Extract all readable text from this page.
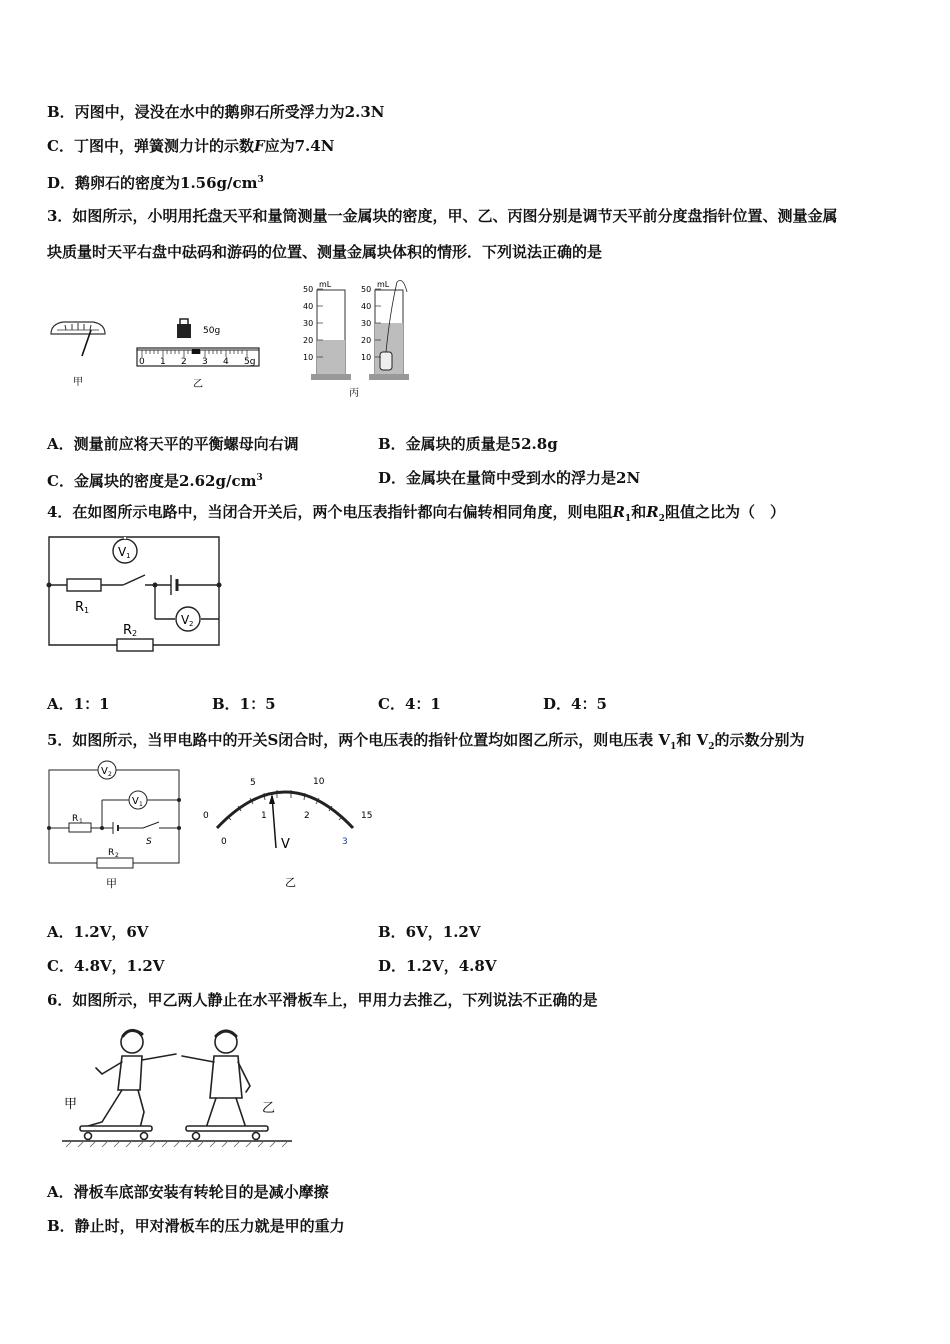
B．丙图中，浸没在水中的鹅卵石所受浮力为2.3N
C．丁图中，弹簧测力计的示数F应为7.4N
D．鹅卵石的密度为$1.56g/cm^3$
3．如图所示，小明用托盘天平和量筒测量一金属块的密度，甲、乙、丙图分别是调节天平前分度盘指针位置、测量金属
块质量时天平右盘中砝码和游码的位置、测量金属块体积的情形．下列说法正确的是
甲
50g
0 1 2 3 4 5g
乙
mL
50
40
30
20
10
mL
50
40
30
20
10
丙
A．测量前应将天平的平衡螺母向右调	B．金属块的质量是52.8g
C．金属块的密度是$2.62g/cm^3$	D．金属块在量筒中受到水的浮力是2N
4．在如图所示电路中，当闭合开关后，两个电压表指针都向右偏转相同角度，则电阻$R_1$和$R_2$阻值之比为（　）
V 1
V 2
R 1
R 2
A．1：1	B．1：5	C．4：1	D．4：5
5．如图所示，当甲电路中的开关S闭合时，两个电压表的指针位置均如图乙所示，则电压表 $V_1$和 $V_2$的示数分别为
V 2
V 1
R 1
R 2
S
甲
0
5	10
15
0
1	2
3
V
乙
A．1.2V，6V	B．6V，1.2V
C．4.8V，1.2V	D．1.2V，4.8V
6．如图所示，甲乙两人静止在水平滑板车上，甲用力去推乙，下列说法不正确的是
甲	乙
A．滑板车底部安装有转轮目的是减小摩擦
B．静止时，甲对滑板车的压力就是甲的重力
